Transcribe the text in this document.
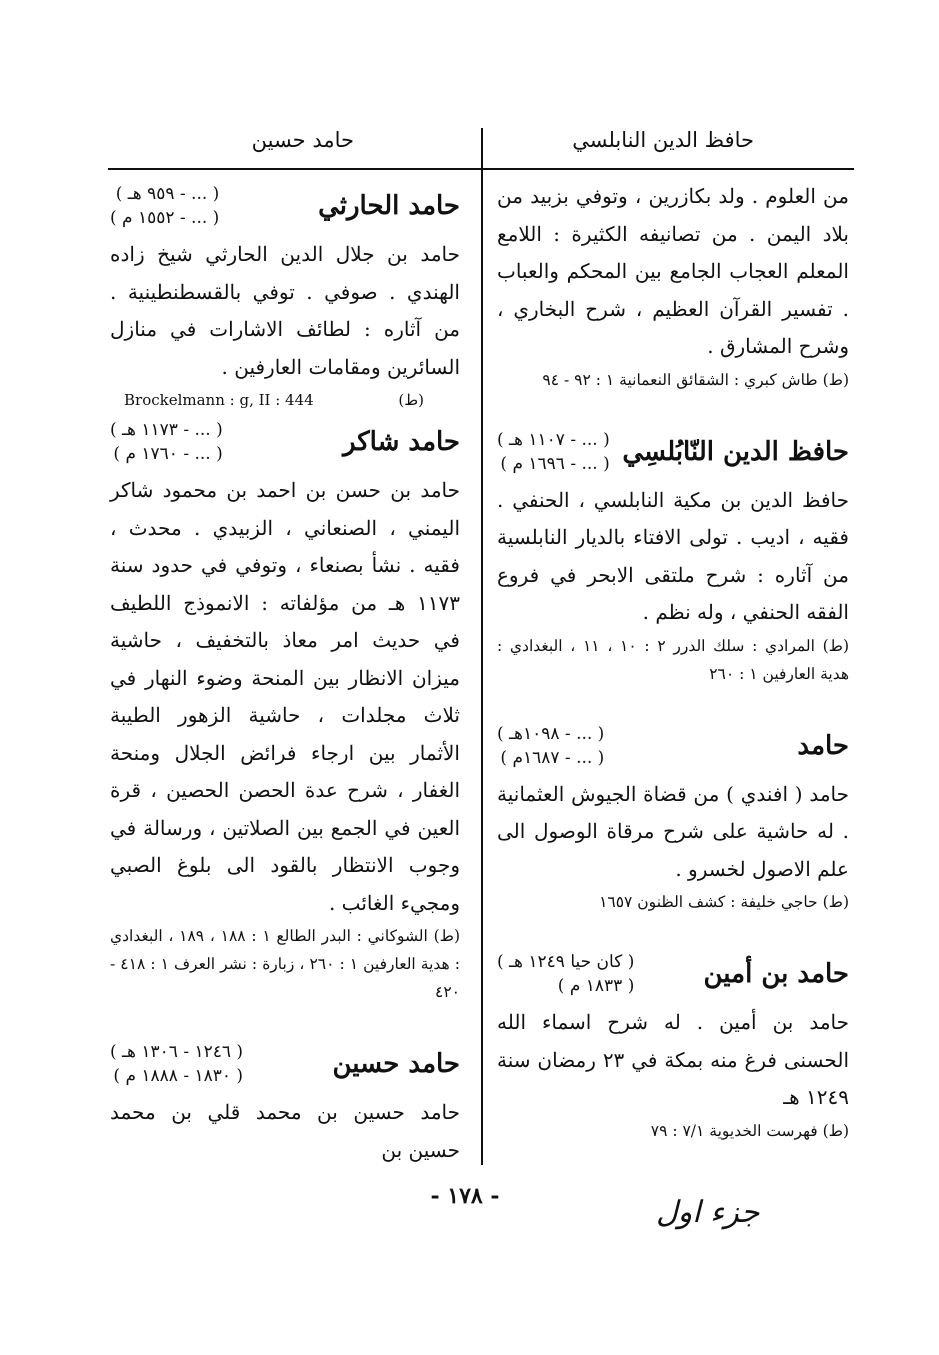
حافظ الدين النابلسي
حامد حسين

من العلوم . ولد بكازرين ، وتوفي بزبيد من بلاد اليمن . من تصانيفه الكثيرة : اللامع المعلم العجاب الجامع بين المحكم والعباب . تفسير القرآن العظيم ، شرح البخاري ، وشرح المشارق .

(ط) طاش كبري : الشقائق النعمانية ١ : ٩٢ - ٩٤

حافظ الدين النّابُلسِي
( ... - ١١٠٧ هـ )
( ... - ١٦٩٦ م )

حافظ الدين بن مكية النابلسي ، الحنفي . فقيه ، اديب . تولى الافتاء بالديار النابلسية من آثاره : شرح ملتقى الابحر في فروع الفقه الحنفي ، وله نظم .

(ط) المرادي : سلك الدرر ٢ : ١٠ ، ١١ ، البغدادي : هدية العارفين ١ : ٢٦٠

حامد
( ... - ١٠٩٨هـ )
( ... - ١٦٨٧م )

حامد ( افندي ) من قضاة الجيوش العثمانية . له حاشية على شرح مرقاة الوصول الى علم الاصول لخسرو .

(ط) حاجي خليفة : كشف الظنون ١٦٥٧

حامد بن أمين
( كان حيا ١٢٤٩ هـ )
( ١٨٣٣ م )

حامد بن أمين . له شرح اسماء الله الحسنى فرغ منه بمكة في ٢٣ رمضان سنة ١٢٤٩ هـ

(ط) فهرست الخديوية ٧/١ : ٧٩

حامد الحارثي
( ... - ٩٥٩ هـ )
( ... - ١٥٥٢ م )

حامد بن جلال الدين الحارثي شيخ زاده الهندي . صوفي . توفي بالقسطنطينية . من آثاره : لطائف الاشارات في منازل السائرين ومقامات العارفين .

Brockelmann : g, II : 444	(ط)
حامد شاكر
( ... - ١١٧٣ هـ )
( ... - ١٧٦٠ م )

حامد بن حسن بن احمد بن محمود شاكر اليمني ، الصنعاني ، الزبيدي . محدث ، فقيه . نشأ بصنعاء ، وتوفي في حدود سنة ١١٧٣ هـ من مؤلفاته : الانموذج اللطيف في حديث امر معاذ بالتخفيف ، حاشية ميزان الانظار بين المنحة وضوء النهار في ثلاث مجلدات ، حاشية الزهور الطيبة الأثمار بين ارجاء فرائض الجلال ومنحة الغفار ، شرح عدة الحصن الحصين ، قرة العين في الجمع بين الصلاتين ، ورسالة في وجوب الانتظار بالقود الى بلوغ الصبي ومجيء الغائب .

(ط) الشوكاني : البدر الطالع ١ : ١٨٨ ، ١٨٩ ، البغدادي : هدية العارفين ١ : ٢٦٠ ، زبارة : نشر العرف ١ : ٤١٨ - ٤٢٠

حامد حسين
( ١٢٤٦ - ١٣٠٦ هـ )
( ١٨٣٠ - ١٨٨٨ م )

حامد حسين بن محمد قلي بن محمد حسين بن

- ١٧٨ -	جزء اول
